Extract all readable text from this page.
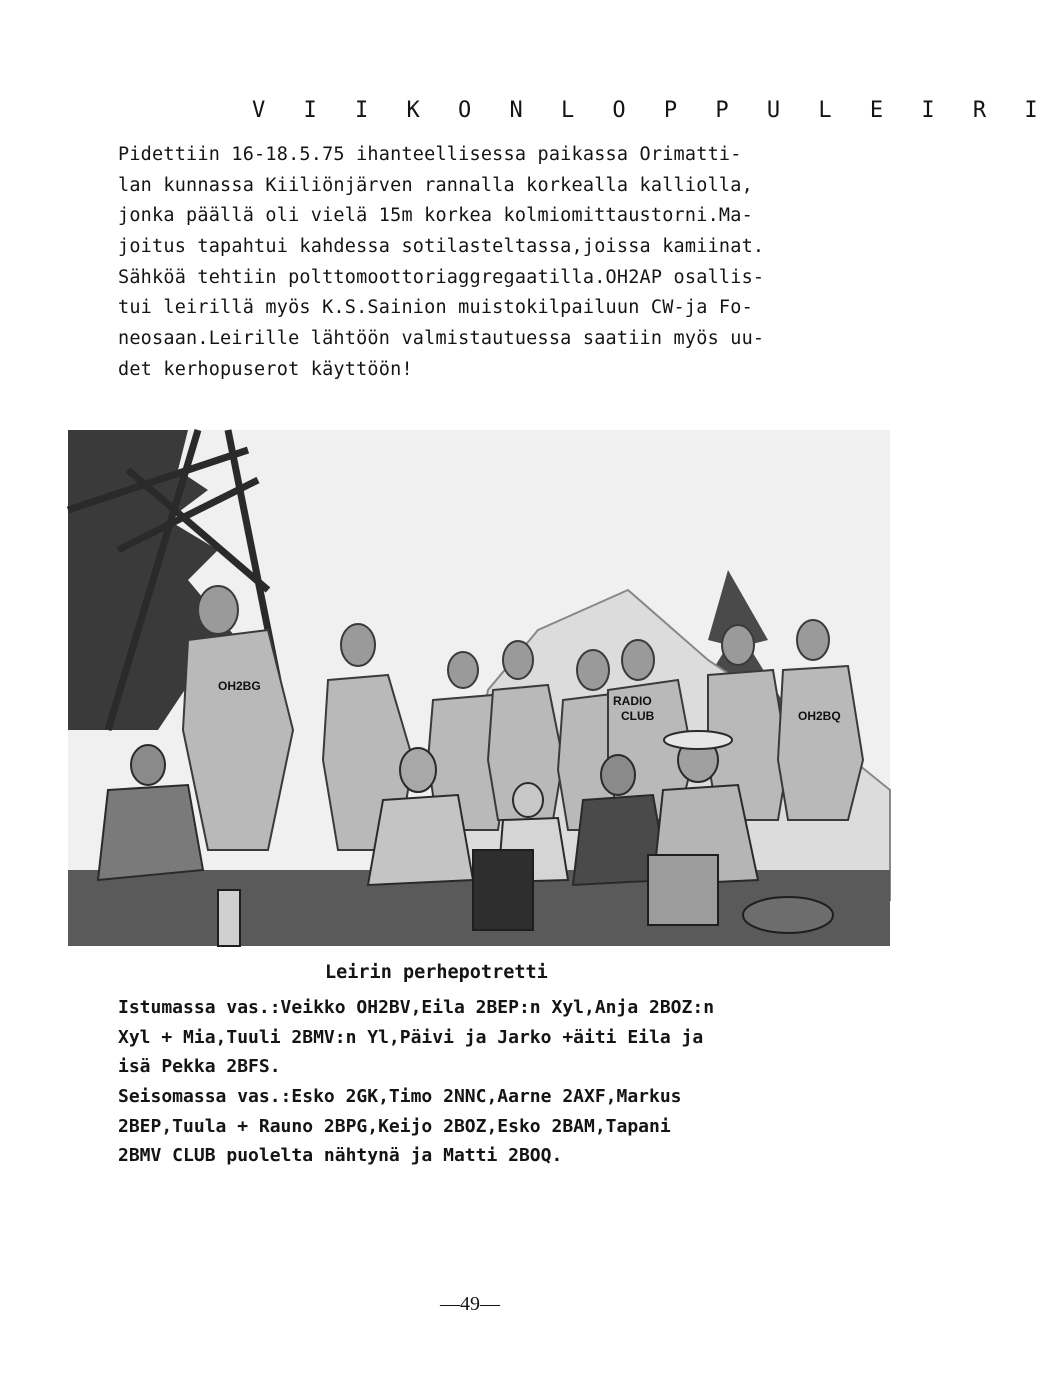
V I I K O N L O P P U L E I R I
Pidettiin 16-18.5.75 ihanteellisessa paikassa Orimatti-
lan kunnassa Kiiliönjärven rannalla korkealla kalliolla,
jonka päällä oli vielä 15m korkea kolmiomittaustorni.Ma-
joitus tapahtui kahdessa sotilasteltassa,joissa kamiinat.
Sähköä tehtiin polttomoottoriaggregaatilla.OH2AP osallis-
tui leirillä myös K.S.Sainion muistokilpailuun CW-ja Fo-
neosaan.Leirille lähtöön valmistautuessa saatiin myös uu-
det kerhopuserot käyttöön!
OH2BG
RADIO
CLUB	OH2BQ
Leirin perhepotretti
Istumassa vas.:Veikko OH2BV,Eila 2BEP:n Xyl,Anja 2BOZ:n
Xyl + Mia,Tuuli 2BMV:n Yl,Päivi ja Jarko +äiti Eila ja
isä Pekka 2BFS.
Seisomassa vas.:Esko 2GK,Timo 2NNC,Aarne 2AXF,Markus
2BEP,Tuula + Rauno 2BPG,Keijo 2BOZ,Esko 2BAM,Tapani
2BMV CLUB puolelta nähtynä ja Matti 2BOQ.
—49—
